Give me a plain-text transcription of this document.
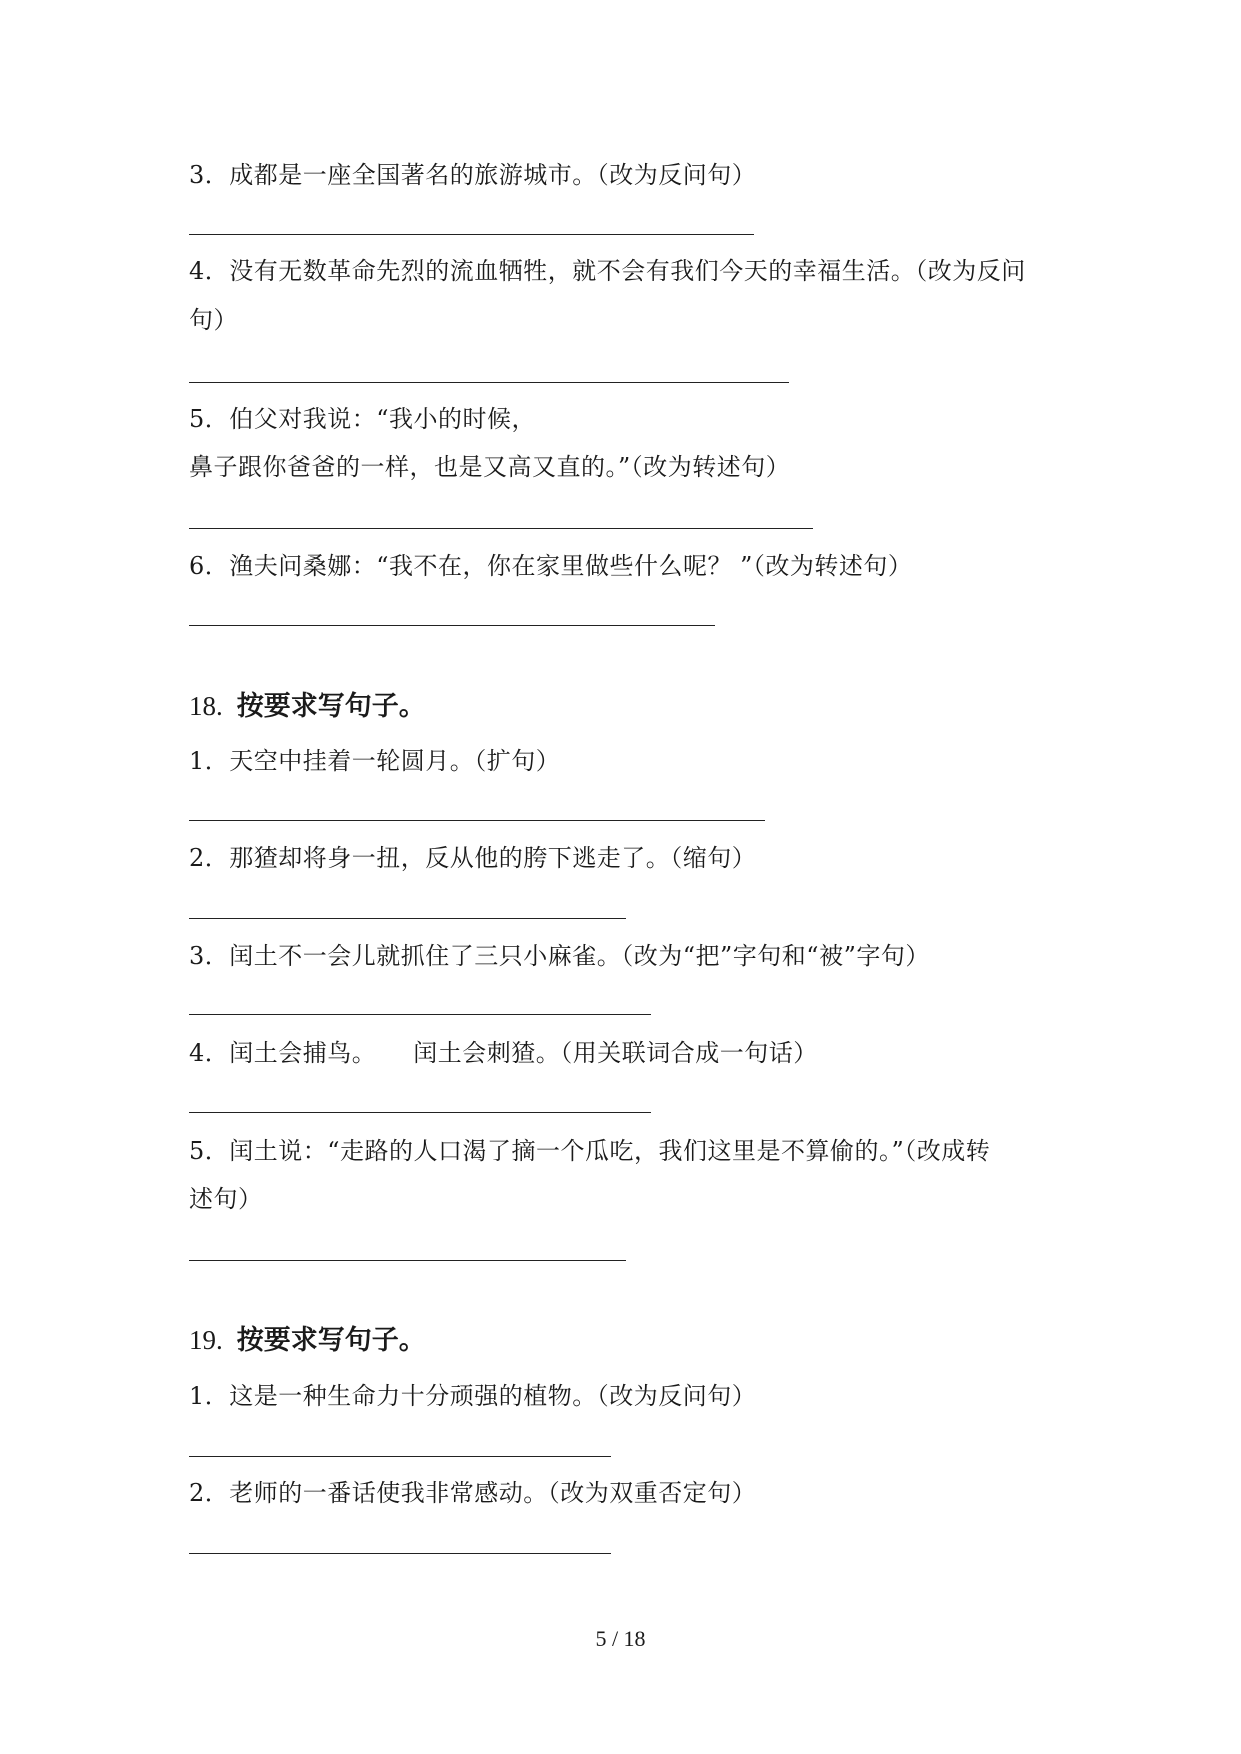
3．成都是一座全国著名的旅游城市。（改为反问句）
4．没有无数革命先烈的流血牺牲，就不会有我们今天的幸福生活。（改为反问
句）
5．伯父对我说：“我小的时候，
鼻子跟你爸爸的一样，也是又高又直的。”（改为转述句）
6．渔夫问桑娜：“我不在，你在家里做些什么呢？ ”（改为转述句）
18. 按要求写句子。
1．天空中挂着一轮圆月。（扩句）
2．那猹却将身一扭，反从他的胯下逃走了。（缩句）
3．闰土不一会儿就抓住了三只小麻雀。（改为“把”字句和“被”字句）
4．闰土会捕鸟。　　闰土会刺猹。（用关联词合成一句话）
5．闰土说：“走路的人口渴了摘一个瓜吃，我们这里是不算偷的。”（改成转
述句）
19. 按要求写句子。
1．这是一种生命力十分顽强的植物。（改为反问句）
2．老师的一番话使我非常感动。（改为双重否定句）
5 / 18
